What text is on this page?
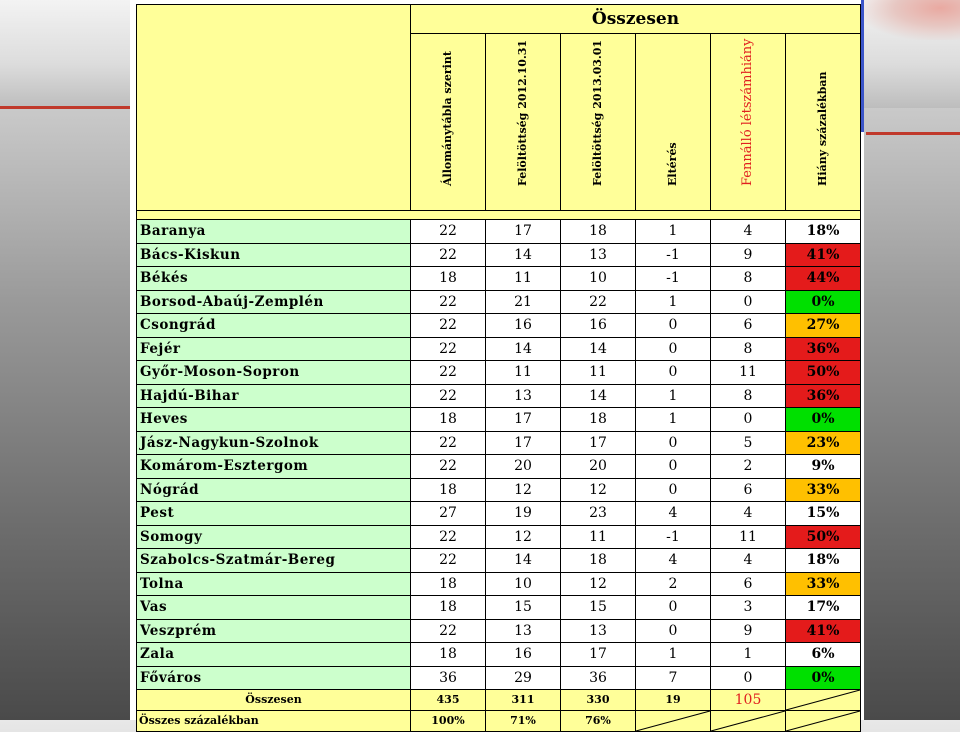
	Összesen					

	Állománytábla szerint	Felöltöttség 2012.10.31	Felöltöttség 2013.03.01	Eltérés	Fennálló létszámhiány	Hiány százalékban

Baranya	22	17	18	1	4	18%
Bács-Kiskun	22	14	13	-1	9	41%
Békés	18	11	10	-1	8	44%
Borsod-Abaúj-Zemplén	22	21	22	1	0	0%
Csongrád	22	16	16	0	6	27%
Fejér	22	14	14	0	8	36%
Győr-Moson-Sopron	22	11	11	0	11	50%
Hajdú-Bihar	22	13	14	1	8	36%
Heves	18	17	18	1	0	0%
Jász-Nagykun-Szolnok	22	17	17	0	5	23%
Komárom-Esztergom	22	20	20	0	2	9%
Nógrád	18	12	12	0	6	33%
Pest	27	19	23	4	4	15%
Somogy	22	12	11	-1	11	50%
Szabolcs-Szatmár-Bereg	22	14	18	4	4	18%
Tolna	18	10	12	2	6	33%
Vas	18	15	15	0	3	17%
Veszprém	22	13	13	0	9	41%
Zala	18	16	17	1	1	6%
Főváros	36	29	36	7	0	0%
Összesen	435	311	330	19	105	

Összes százalékban	100%	71%	76%	
